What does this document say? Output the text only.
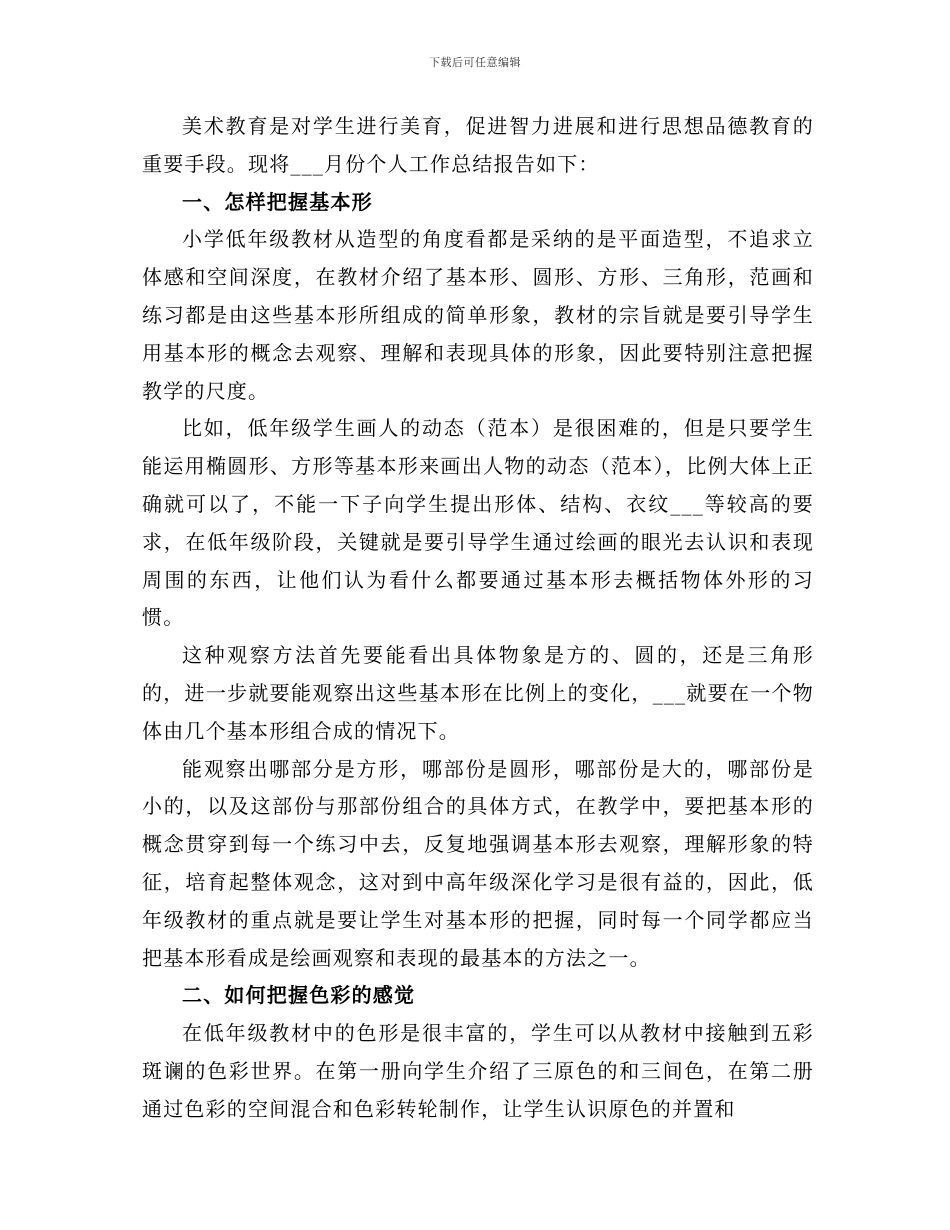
下载后可任意编辑

美术教育是对学生进行美育，促进智力进展和进行思想品德教育的重要手段。现将___月份个人工作总结报告如下：

一、怎样把握基本形

小学低年级教材从造型的角度看都是采纳的是平面造型，不追求立体感和空间深度，在教材介绍了基本形、圆形、方形、三角形，范画和练习都是由这些基本形所组成的简单形象，教材的宗旨就是要引导学生用基本形的概念去观察、理解和表现具体的形象，因此要特别注意把握教学的尺度。

比如，低年级学生画人的动态（范本）是很困难的，但是只要学生能运用椭圆形、方形等基本形来画出人物的动态（范本），比例大体上正确就可以了，不能一下子向学生提出形体、结构、衣纹___等较高的要求，在低年级阶段，关键就是要引导学生通过绘画的眼光去认识和表现周围的东西，让他们认为看什么都要通过基本形去概括物体外形的习惯。

这种观察方法首先要能看出具体物象是方的、圆的，还是三角形的，进一步就要能观察出这些基本形在比例上的变化，___就要在一个物体由几个基本形组合成的情况下。

能观察出哪部分是方形，哪部份是圆形，哪部份是大的，哪部份是小的，以及这部份与那部份组合的具体方式，在教学中，要把基本形的概念贯穿到每一个练习中去，反复地强调基本形去观察，理解形象的特征，培育起整体观念，这对到中高年级深化学习是很有益的，因此，低年级教材的重点就是要让学生对基本形的把握，同时每一个同学都应当把基本形看成是绘画观察和表现的最基本的方法之一。

二、如何把握色彩的感觉

在低年级教材中的色形是很丰富的，学生可以从教材中接触到五彩斑谰的色彩世界。在第一册向学生介绍了三原色的和三间色，在第二册通过色彩的空间混合和色彩转轮制作，让学生认识原色的并置和
